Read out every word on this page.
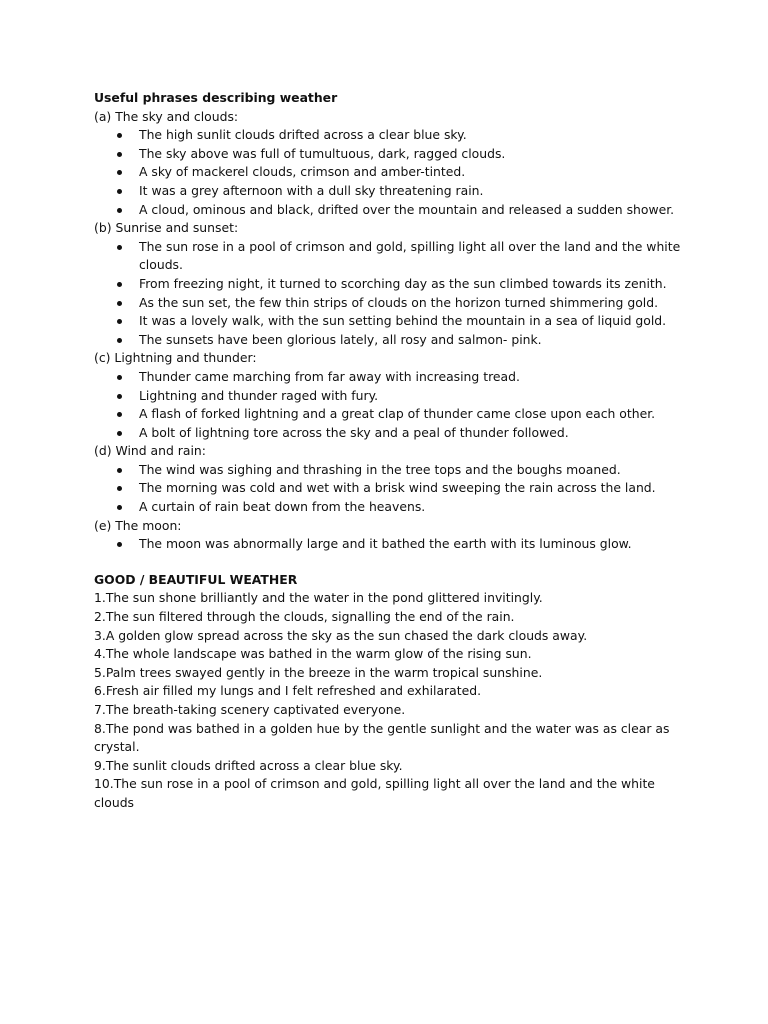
Useful phrases describing weather

(a) The sky and clouds:

The high sunlit clouds drifted across a clear blue sky.
The sky above was full of tumultuous, dark, ragged clouds.
A sky of mackerel clouds, crimson and amber-tinted.
It was a grey afternoon with a dull sky threatening rain.
A cloud, ominous and black, drifted over the mountain and released a sudden shower.

(b) Sunrise and sunset:

The sun rose in a pool of crimson and gold, spilling light all over the land and the white clouds.
From freezing night, it turned to scorching day as the sun climbed towards its zenith.
As the sun set, the few thin strips of clouds on the horizon turned shimmering gold.
It was a lovely walk, with the sun setting behind the mountain in a sea of liquid gold.
The sunsets have been glorious lately, all rosy and salmon- pink.

(c) Lightning and thunder:

Thunder came marching from far away with increasing tread.
Lightning and thunder raged with fury.
A flash of forked lightning and a great clap of thunder came close upon each other.
A bolt of lightning tore across the sky and a peal of thunder followed.

(d) Wind and rain:

The wind was sighing and thrashing in the tree tops and the boughs moaned.
The morning was cold and wet with a brisk wind sweeping the rain across the land.
A curtain of rain beat down from the heavens.

(e) The moon:

The moon was abnormally large and it bathed the earth with its luminous glow.

GOOD / BEAUTIFUL WEATHER

1.The sun shone brilliantly and the water in the pond glittered invitingly.
2.The sun filtered through the clouds, signalling the end of the rain.
3.A golden glow spread across the sky as the sun chased the dark clouds away.
4.The whole landscape was bathed in the warm glow of the rising sun.
5.Palm trees swayed gently in the breeze in the warm tropical sunshine.
6.Fresh air filled my lungs and I felt refreshed and exhilarated.
7.The breath-taking scenery captivated everyone.
8.The pond was bathed in a golden hue by the gentle sunlight and the water was as clear as crystal.
9.The sunlit clouds drifted across a clear blue sky.
10.The sun rose in a pool of crimson and gold, spilling light all over the land and the white clouds
